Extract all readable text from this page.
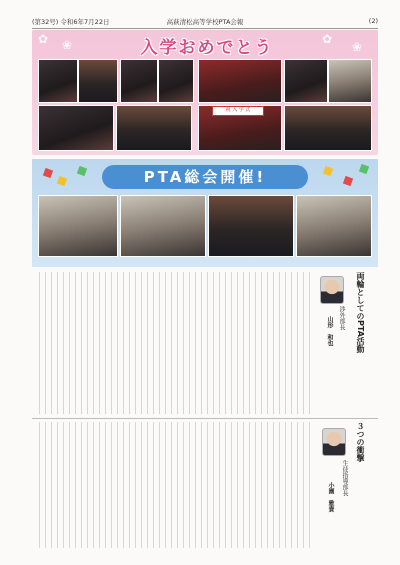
(第32号) 令和6年7月22日	高萩清松高等学校PTA会報	(2)
✿ ❀	✿
❀
入学おめでとう
祝 入 学 式
PTA総会開催!
両輪としてのPTA活動
渉外部長
山形　和也
３つの衝撃
生徒指導部長
小園　雅貴
